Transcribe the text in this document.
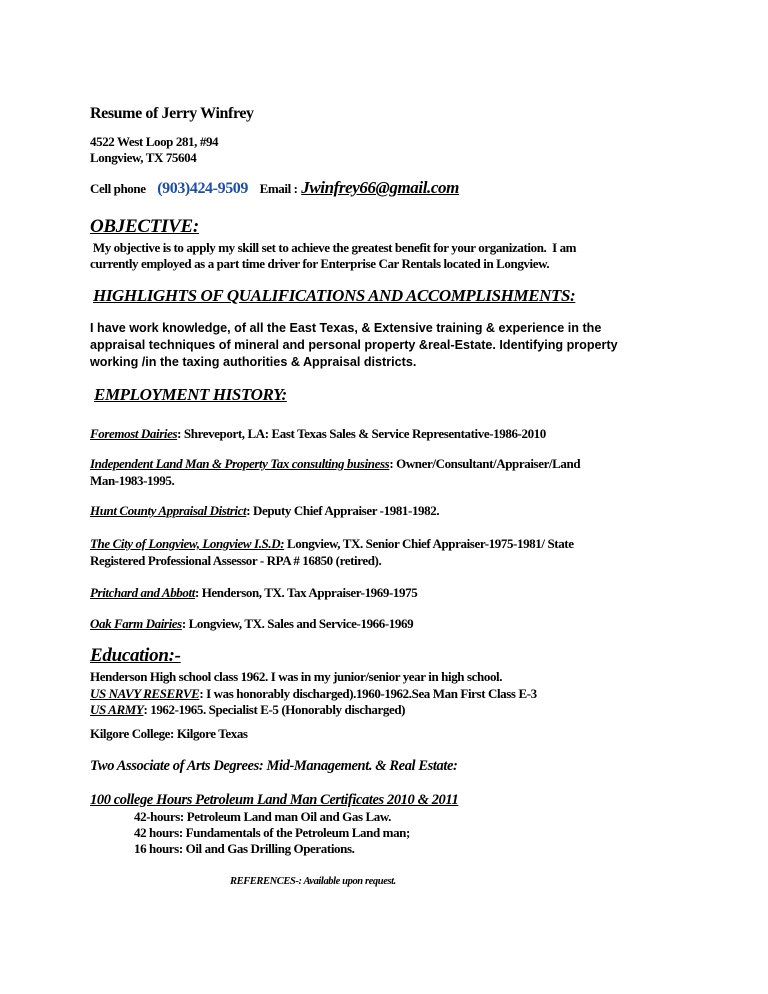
Resume of Jerry Winfrey
4522 West Loop 281, #94
Longview, TX 75604
Cell phone (903)424-9509 Email : Jwinfrey66@gmail.com
OBJECTIVE:
My objective is to apply my skill set to achieve the greatest benefit for your organization.  I am
currently employed as a part time driver for Enterprise Car Rentals located in Longview.
HIGHLIGHTS OF QUALIFICATIONS AND ACCOMPLISHMENTS:
I have work knowledge, of all the East Texas, & Extensive training & experience in the
appraisal techniques of mineral and personal property &real-Estate. Identifying property
working /in the taxing authorities & Appraisal districts.
EMPLOYMENT HISTORY:
Foremost Dairies: Shreveport, LA: East Texas Sales & Service Representative-1986-2010
Independent Land Man & Property Tax consulting business: Owner/Consultant/Appraiser/Land
Man-1983-1995.
Hunt County Appraisal District: Deputy Chief Appraiser -1981-1982.
The City of Longview, Longview I.S.D: Longview, TX. Senior Chief Appraiser-1975-1981/ State
Registered Professional Assessor - RPA # 16850 (retired).
Pritchard and Abbott: Henderson, TX. Tax Appraiser-1969-1975
Oak Farm Dairies: Longview, TX. Sales and Service-1966-1969
Education:-
Henderson High school class 1962. I was in my junior/senior year in high school.
US NAVY RESERVE: I was honorably discharged).1960-1962.Sea Man First Class E-3
US ARMY: 1962-1965. Specialist E-5 (Honorably discharged)
Kilgore College: Kilgore Texas
Two Associate of Arts Degrees: Mid-Management. & Real Estate:
100 college Hours Petroleum Land Man Certificates 2010 & 2011
42-hours: Petroleum Land man Oil and Gas Law.
42 hours: Fundamentals of the Petroleum Land man;
16 hours: Oil and Gas Drilling Operations.
REFERENCES-: Available upon request.
